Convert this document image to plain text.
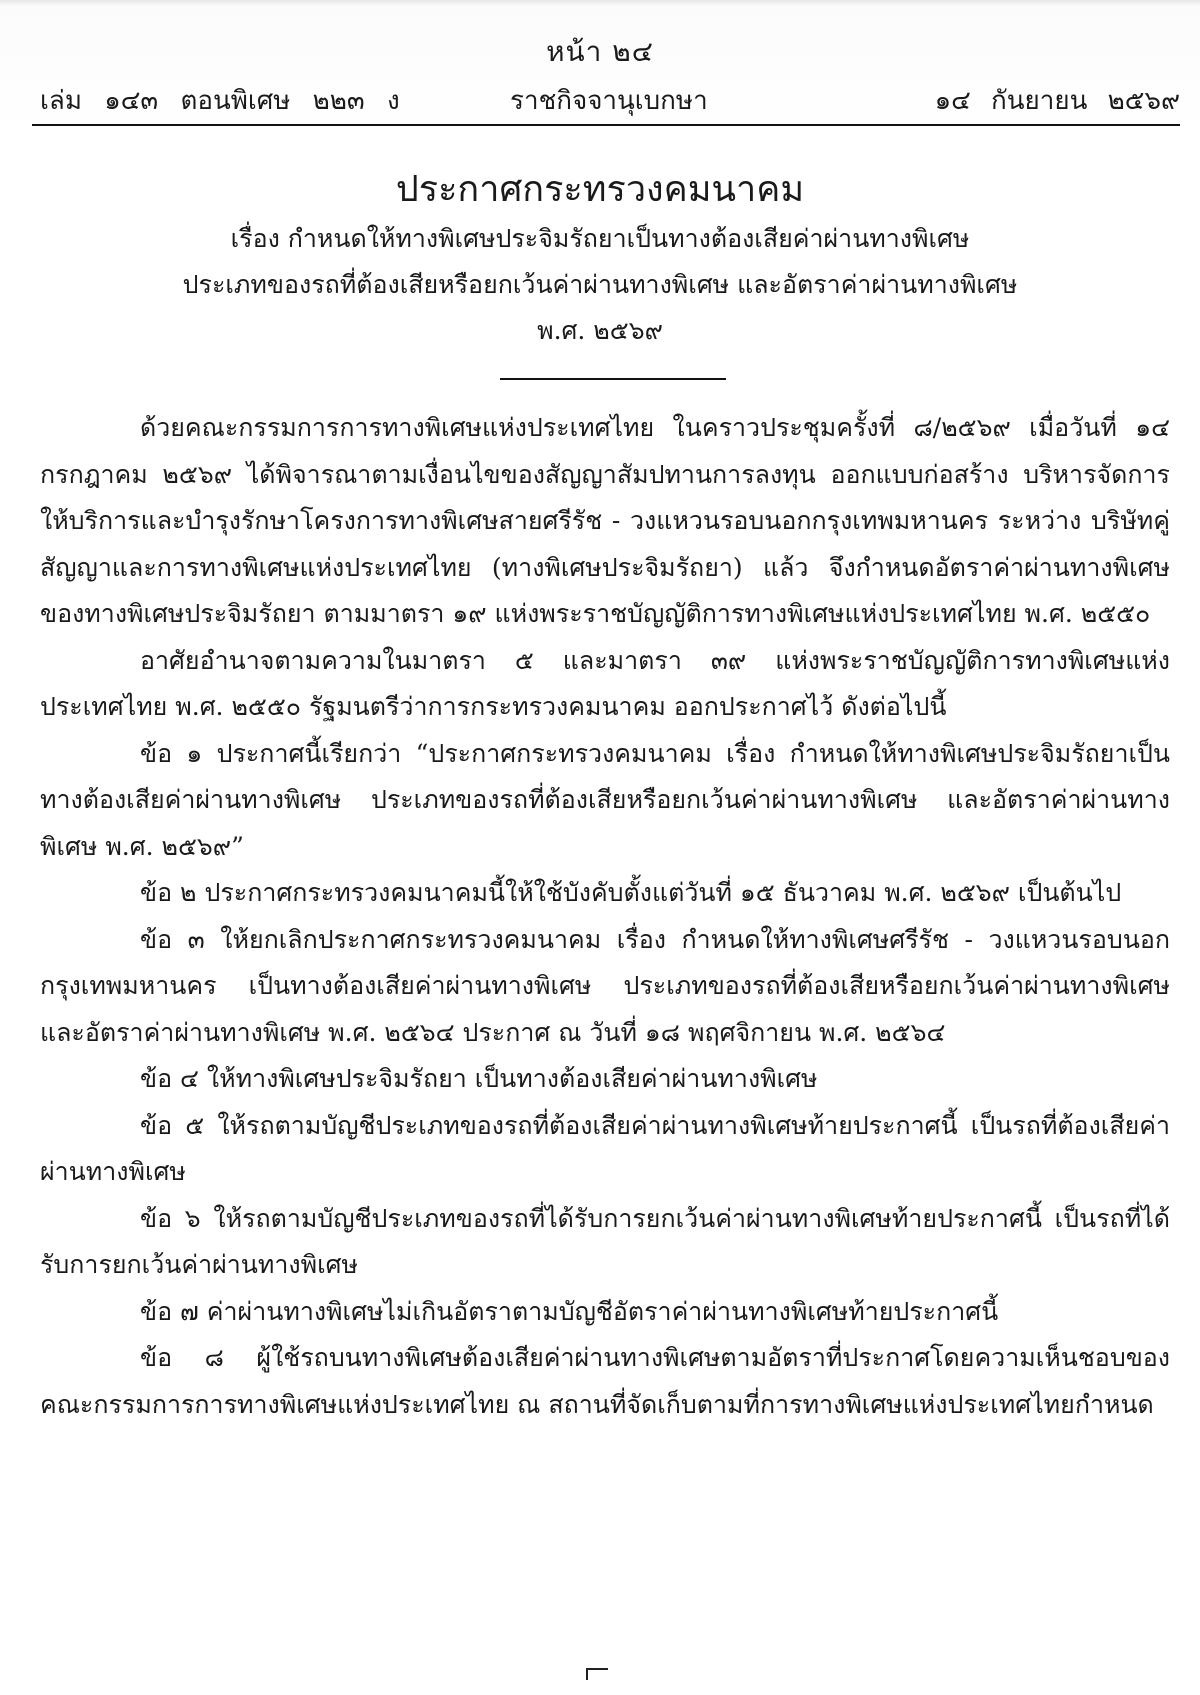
หน้า ๒๔
เล่ม ๑๔๓ ตอนพิเศษ ๒๒๓ ง	ราชกิจจานุเบกษา	๑๔ กันยายน ๒๕๖๙
ประกาศกระทรวงคมนาคม
เรื่อง กำหนดให้ทางพิเศษประจิมรัถยาเป็นทางต้องเสียค่าผ่านทางพิเศษ
ประเภทของรถที่ต้องเสียหรือยกเว้นค่าผ่านทางพิเศษ และอัตราค่าผ่านทางพิเศษ
พ.ศ. ๒๕๖๙

ด้วยคณะกรรมการการทางพิเศษแห่งประเทศไทย ในคราวประชุมครั้งที่ ๘/๒๕๖๙ เมื่อวันที่ ๑๔ กรกฎาคม ๒๕๖๙ ได้พิจารณาตามเงื่อนไขของสัญญาสัมปทานการลงทุน ออกแบบก่อสร้าง บริหารจัดการ ให้บริการและบำรุงรักษาโครงการทางพิเศษสายศรีรัช - วงแหวนรอบนอกกรุงเทพมหานคร ระหว่าง บริษัทคู่สัญญาและการทางพิเศษแห่งประเทศไทย (ทางพิเศษประจิมรัถยา) แล้ว จึงกำหนดอัตราค่าผ่านทางพิเศษของทางพิเศษประจิมรัถยา ตามมาตรา ๑๙ แห่งพระราชบัญญัติการทางพิเศษแห่งประเทศไทย พ.ศ. ๒๕๕๐

อาศัยอำนาจตามความในมาตรา ๕ และมาตรา ๓๙ แห่งพระราชบัญญัติการทางพิเศษแห่งประเทศไทย พ.ศ. ๒๕๕๐ รัฐมนตรีว่าการกระทรวงคมนาคม ออกประกาศไว้ ดังต่อไปนี้

ข้อ ๑ ประกาศนี้เรียกว่า “ประกาศกระทรวงคมนาคม เรื่อง กำหนดให้ทางพิเศษประจิมรัถยาเป็นทางต้องเสียค่าผ่านทางพิเศษ ประเภทของรถที่ต้องเสียหรือยกเว้นค่าผ่านทางพิเศษ และอัตราค่าผ่านทางพิเศษ พ.ศ. ๒๕๖๙”

ข้อ ๒ ประกาศกระทรวงคมนาคมนี้ให้ใช้บังคับตั้งแต่วันที่ ๑๕ ธันวาคม พ.ศ. ๒๕๖๙ เป็นต้นไป

ข้อ ๓ ให้ยกเลิกประกาศกระทรวงคมนาคม เรื่อง กำหนดให้ทางพิเศษศรีรัช - วงแหวนรอบนอกกรุงเทพมหานคร เป็นทางต้องเสียค่าผ่านทางพิเศษ ประเภทของรถที่ต้องเสียหรือยกเว้นค่าผ่านทางพิเศษ และอัตราค่าผ่านทางพิเศษ พ.ศ. ๒๕๖๔ ประกาศ ณ วันที่ ๑๘ พฤศจิกายน พ.ศ. ๒๕๖๔

ข้อ ๔ ให้ทางพิเศษประจิมรัถยา เป็นทางต้องเสียค่าผ่านทางพิเศษ

ข้อ ๕ ให้รถตามบัญชีประเภทของรถที่ต้องเสียค่าผ่านทางพิเศษท้ายประกาศนี้ เป็นรถที่ต้องเสียค่าผ่านทางพิเศษ

ข้อ ๖ ให้รถตามบัญชีประเภทของรถที่ได้รับการยกเว้นค่าผ่านทางพิเศษท้ายประกาศนี้ เป็นรถที่ได้รับการยกเว้นค่าผ่านทางพิเศษ

ข้อ ๗ ค่าผ่านทางพิเศษไม่เกินอัตราตามบัญชีอัตราค่าผ่านทางพิเศษท้ายประกาศนี้

ข้อ ๘ ผู้ใช้รถบนทางพิเศษต้องเสียค่าผ่านทางพิเศษตามอัตราที่ประกาศโดยความเห็นชอบของคณะกรรมการการทางพิเศษแห่งประเทศไทย ณ สถานที่จัดเก็บตามที่การทางพิเศษแห่งประเทศไทยกำหนด
